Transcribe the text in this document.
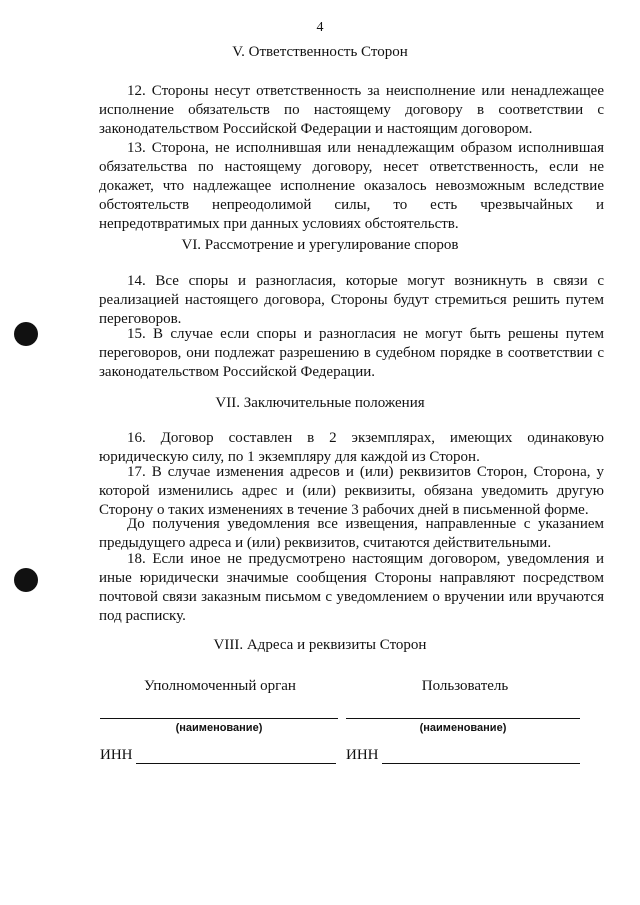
4
V. Ответственность Сторон

12. Стороны несут ответственность за неисполнение или ненадлежащее исполнение обязательств по настоящему договору в соответствии с законодательством Российской Федерации и настоящим договором.

13. Сторона, не исполнившая или ненадлежащим образом исполнившая обязательства по настоящему договору, несет ответственность, если не докажет, что надлежащее исполнение оказалось невозможным вследствие обстоятельств непреодолимой силы, то есть чрезвычайных и непредотвратимых при данных условиях обстоятельств.

VI. Рассмотрение и урегулирование споров

14. Все споры и разногласия, которые могут возникнуть в связи с реализацией настоящего договора, Стороны будут стремиться решить путем переговоров.

15. В случае если споры и разногласия не могут быть решены путем переговоров, они подлежат разрешению в судебном порядке в соответствии с законодательством Российской Федерации.

VII. Заключительные положения

16. Договор составлен в 2 экземплярах, имеющих одинаковую юридическую силу, по 1 экземпляру для каждой из Сторон.

17. В случае изменения адресов и (или) реквизитов Сторон, Сторона, у которой изменились адрес и (или) реквизиты, обязана уведомить другую Сторону о таких изменениях в течение 3 рабочих дней в письменной форме.

До получения уведомления все извещения, направленные с указанием предыдущего адреса и (или) реквизитов, считаются действительными.

18. Если иное не предусмотрено настоящим договором, уведомления и иные юридически значимые сообщения Стороны направляют посредством почтовой связи заказным письмом с уведомлением о вручении или вручаются под расписку.

VIII. Адреса и реквизиты Сторон
Уполномоченный орган	Пользователь
(наименование)	(наименование)
ИНН	ИНН
